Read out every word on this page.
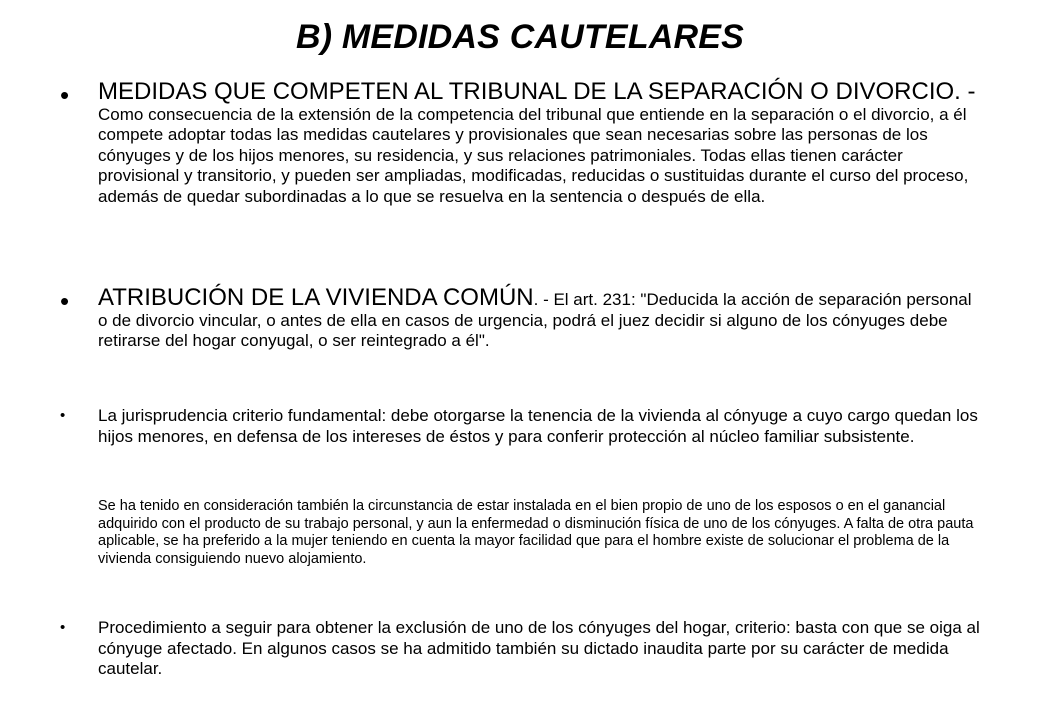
B) MEDIDAS CAUTELARES
• MEDIDAS QUE COMPETEN AL TRIBUNAL DE LA SEPARACIÓN O DIVORCIO. - Como consecuencia de la extensión de la competencia del tribunal que entiende en la separación o el divorcio, a él compete adoptar todas las medidas cautelares y provisionales que sean necesarias sobre las personas de los cónyuges y de los hijos menores, su residencia, y sus relaciones patrimoniales. Todas ellas tienen carácter provisional y transitorio, y pueden ser ampliadas, modificadas, reducidas o sustituidas durante el curso del proceso, además de quedar subordinadas a lo que se resuelva en la sentencia o después de ella.
• ATRIBUCIÓN DE LA VIVIENDA COMÚN. - El art. 231: "Deducida la acción de separación personal o de divorcio vincular, o antes de ella en casos de urgencia, podrá el juez decidir si alguno de los cónyuges debe retirarse del hogar conyugal, o ser reintegrado a él".
• La jurisprudencia criterio fundamental: debe otorgarse la tenencia de la vivienda al cónyuge a cuyo cargo quedan los hijos menores, en defensa de los intereses de éstos y para conferir protección al núcleo familiar subsistente.
Se ha tenido en consideración también la circunstancia de estar instalada en el bien propio de uno de los esposos o en el ganancial adquirido con el producto de su trabajo personal, y aun la enfermedad o disminución física de uno de los cónyuges. A falta de otra pauta aplicable, se ha preferido a la mujer teniendo en cuenta la mayor facilidad que para el hombre existe de solucionar el problema de la vivienda consiguiendo nuevo alojamiento.
• Procedimiento a seguir para obtener la exclusión de uno de los cónyuges del hogar, criterio: basta con que se oiga al cónyuge afectado. En algunos casos se ha admitido también su dictado inaudita parte por su carácter de medida cautelar.
